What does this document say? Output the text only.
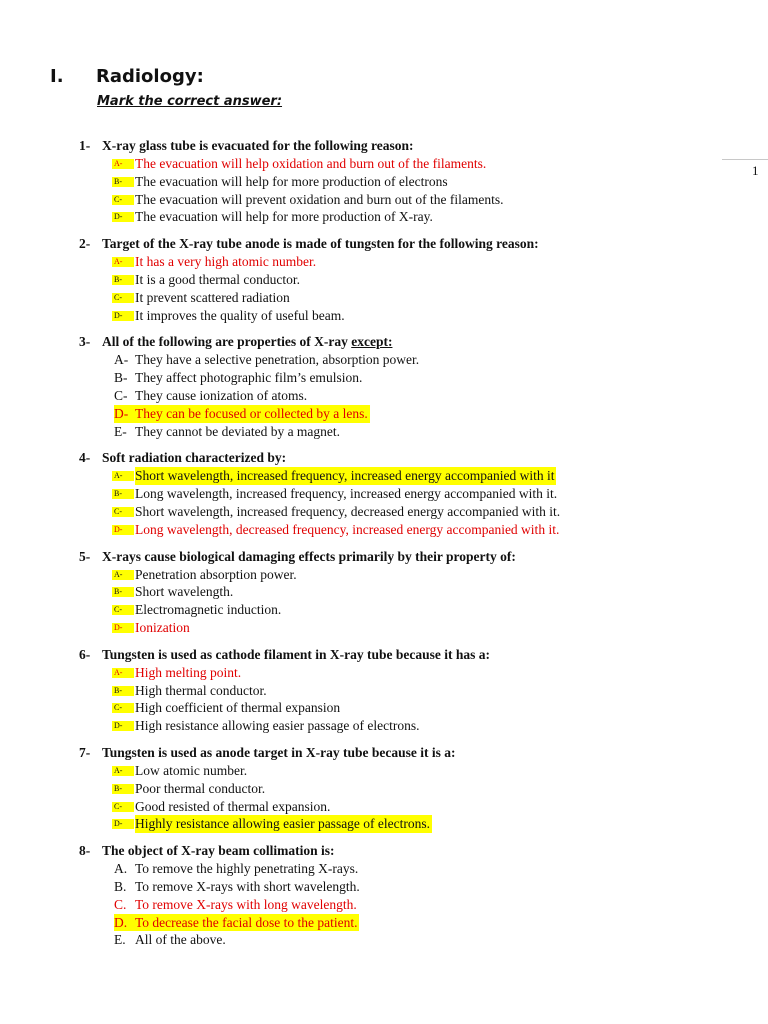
1
I. Radiology:
Mark the correct answer:
1- X-ray glass tube is evacuated for the following reason:
A- The evacuation will help oxidation and burn out of the filaments.
B- The evacuation will help for more production of electrons
C- The evacuation will prevent oxidation and burn out of the filaments.
D- The evacuation will help for more production of X-ray.
2- Target of the X-ray tube anode is made of tungsten for the following reason:
A- It has a very high atomic number.
B- It is a good thermal conductor.
C- It prevent scattered radiation
D- It improves the quality of useful beam.
3- All of the following are properties of X-ray except:
A- They have a selective penetration, absorption power.
B- They affect photographic film’s emulsion.
C- They cause ionization of atoms.
D- They can be focused or collected by a lens.
E- They cannot be deviated by a magnet.
4- Soft radiation characterized by:
A- Short wavelength, increased frequency, increased energy accompanied with it
B- Long wavelength, increased frequency, increased energy accompanied with it.
C- Short wavelength, increased frequency, decreased energy accompanied with it.
D- Long wavelength, decreased frequency, increased energy accompanied with it.
5- X-rays cause biological damaging effects primarily by their property of:
A- Penetration absorption power.
B- Short wavelength.
C- Electromagnetic induction.
D- Ionization
6- Tungsten is used as cathode filament in X-ray tube because it has a:
A- High melting point.
B- High thermal conductor.
C- High coefficient of thermal expansion
D- High resistance allowing easier passage of electrons.
7- Tungsten is used as anode target in X-ray tube because it is a:
A- Low atomic number.
B- Poor thermal conductor.
C- Good resisted of thermal expansion.
D- Highly resistance allowing easier passage of electrons.
8- The object of X-ray beam collimation is:
A. To remove the highly penetrating X-rays.
B. To remove X-rays with short wavelength.
C. To remove X-rays with long wavelength.
D. To decrease the facial dose to the patient.
E. All of the above.
